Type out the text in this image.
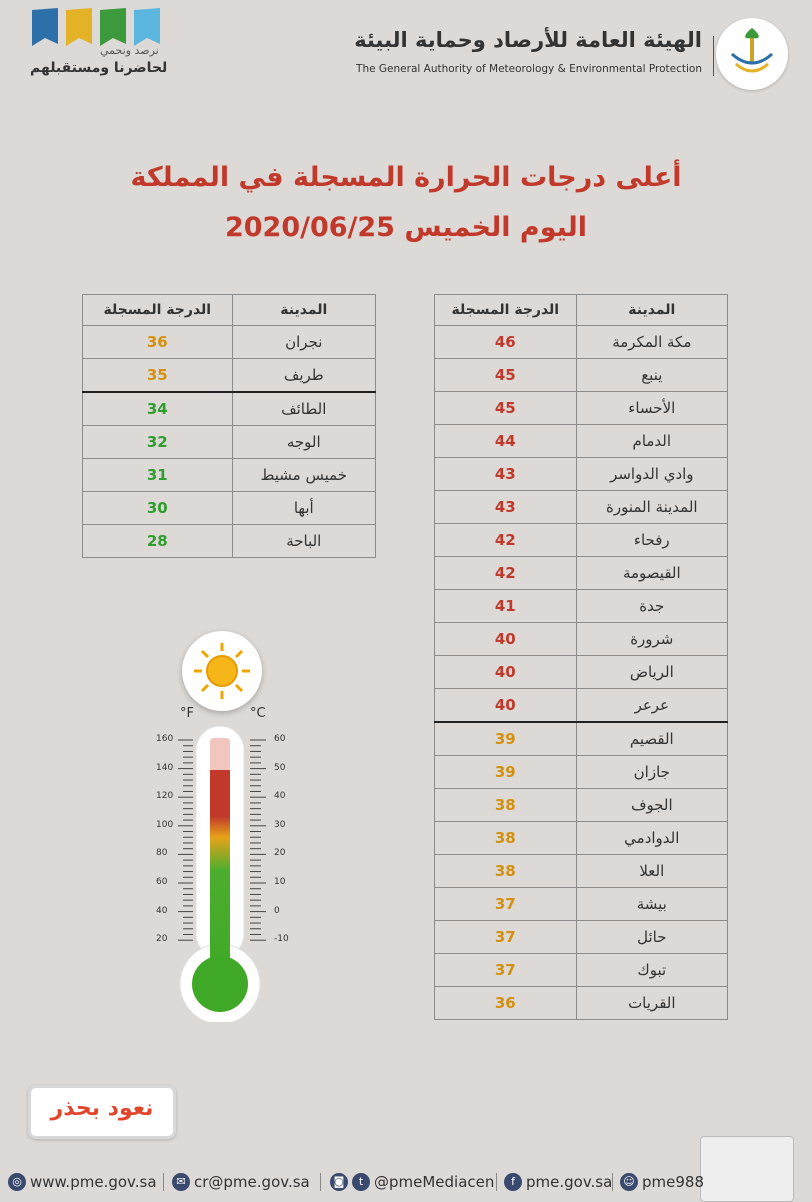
نرصد ونحمي
لحاضرنا ومستقبلهم
الهيئة العامة للأرصاد وحماية البيئة
The General Authority of Meteorology & Environmental Protection
أعلى درجات الحرارة المسجلة في المملكة
اليوم الخميس 2020/06/25
المدينة	الدرجة المسجلة
مكة المكرمة	46
ينبع	45
الأحساء	45
الدمام	44
وادي الدواسر	43
المدينة المنورة	43
رفحاء	42
القيصومة	42
جدة	41
شرورة	40
الرياض	40
عرعر	40
القصيم	39
جازان	39
الجوف	38
الدوادمي	38
العلا	38
بيشة	37
حائل	37
تبوك	37
القريات	36
المدينة	الدرجة المسجلة
نجران	36
طريف	35
الطائف	34
الوجه	32
خميس مشيط	31
أبها	30
الباحة	28
°F	°C
160
140
120
100
80
60
40
20
60
50
40
30
20
10
0
-10
نعود بحذر
◎ www.pme.gov.sa	✉ cr@pme.gov.sa	◙	t @pmeMediacen	f pme.gov.sa ☺ pme988
